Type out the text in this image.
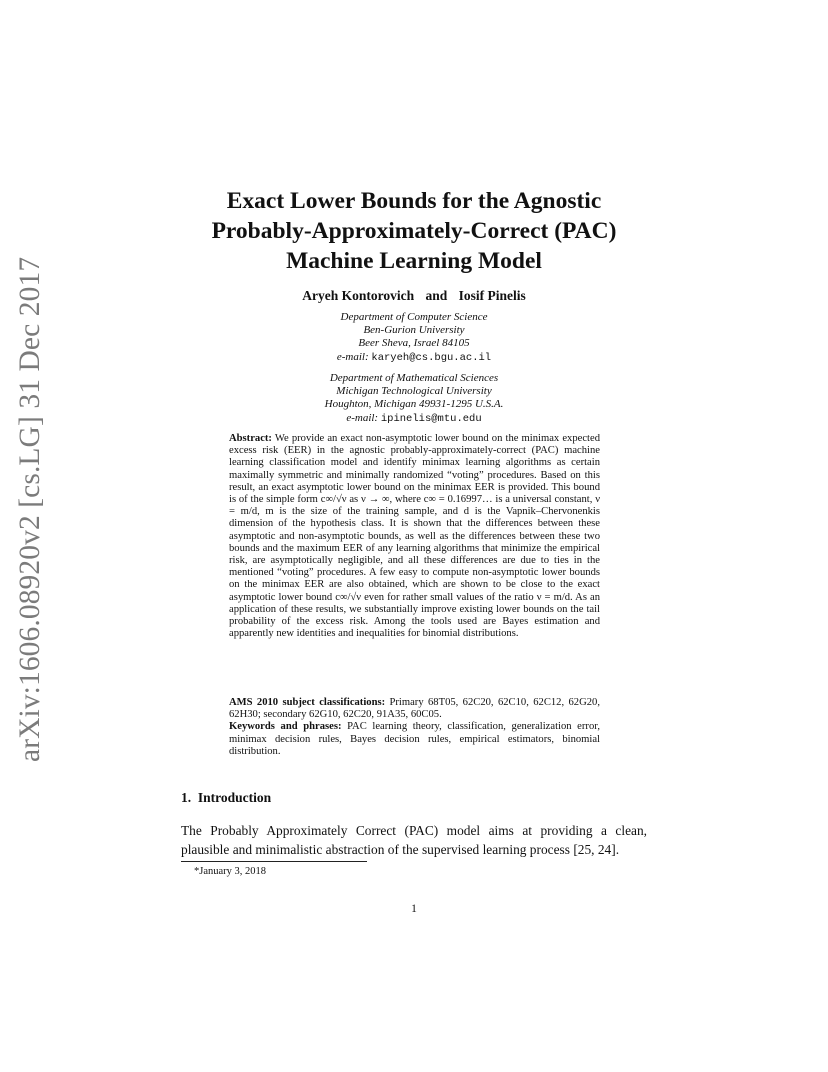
arXiv:1606.08920v2 [cs.LG] 31 Dec 2017
Exact Lower Bounds for the Agnostic
Probably-Approximately-Correct (PAC)
Machine Learning Model
Aryeh Kontorovich and Iosif Pinelis
Department of Computer Science
Ben-Gurion University
Beer Sheva, Israel 84105
e-mail: karyeh@cs.bgu.ac.il
Department of Mathematical Sciences
Michigan Technological University
Houghton, Michigan 49931-1295 U.S.A.
e-mail: ipinelis@mtu.edu

Abstract: We provide an exact non-asymptotic lower bound on the minimax expected excess risk (EER) in the agnostic probably-approximately-correct (PAC) machine learning classification model and identify minimax learning algorithms as certain maximally symmetric and minimally randomized “voting” procedures. Based on this result, an exact asymptotic lower bound on the minimax EER is provided. This bound is of the simple form c∞/√ν as ν → ∞, where c∞ = 0.16997… is a universal constant, ν = m/d, m is the size of the training sample, and d is the Vapnik–Chervonenkis dimension of the hypothesis class. It is shown that the differences between these asymptotic and non-asymptotic bounds, as well as the differences between these two bounds and the maximum EER of any learning algorithms that minimize the empirical risk, are asymptotically negligible, and all these differences are due to ties in the mentioned “voting” procedures. A few easy to compute non-asymptotic lower bounds on the minimax EER are also obtained, which are shown to be close to the exact asymptotic lower bound c∞/√ν even for rather small values of the ratio ν = m/d. As an application of these results, we substantially improve existing lower bounds on the tail probability of the excess risk. Among the tools used are Bayes estimation and apparently new identities and inequalities for binomial distributions.

AMS 2010 subject classifications: Primary 68T05, 62C20, 62C10, 62C12, 62G20, 62H30; secondary 62G10, 62C20, 91A35, 60C05.

Keywords and phrases: PAC learning theory, classification, generalization error, minimax decision rules, Bayes decision rules, empirical estimators, binomial distribution.

1. Introduction

The Probably Approximately Correct (PAC) model aims at providing a clean, plausible and minimalistic abstraction of the supervised learning process [25, 24].

*January 3, 2018
1
